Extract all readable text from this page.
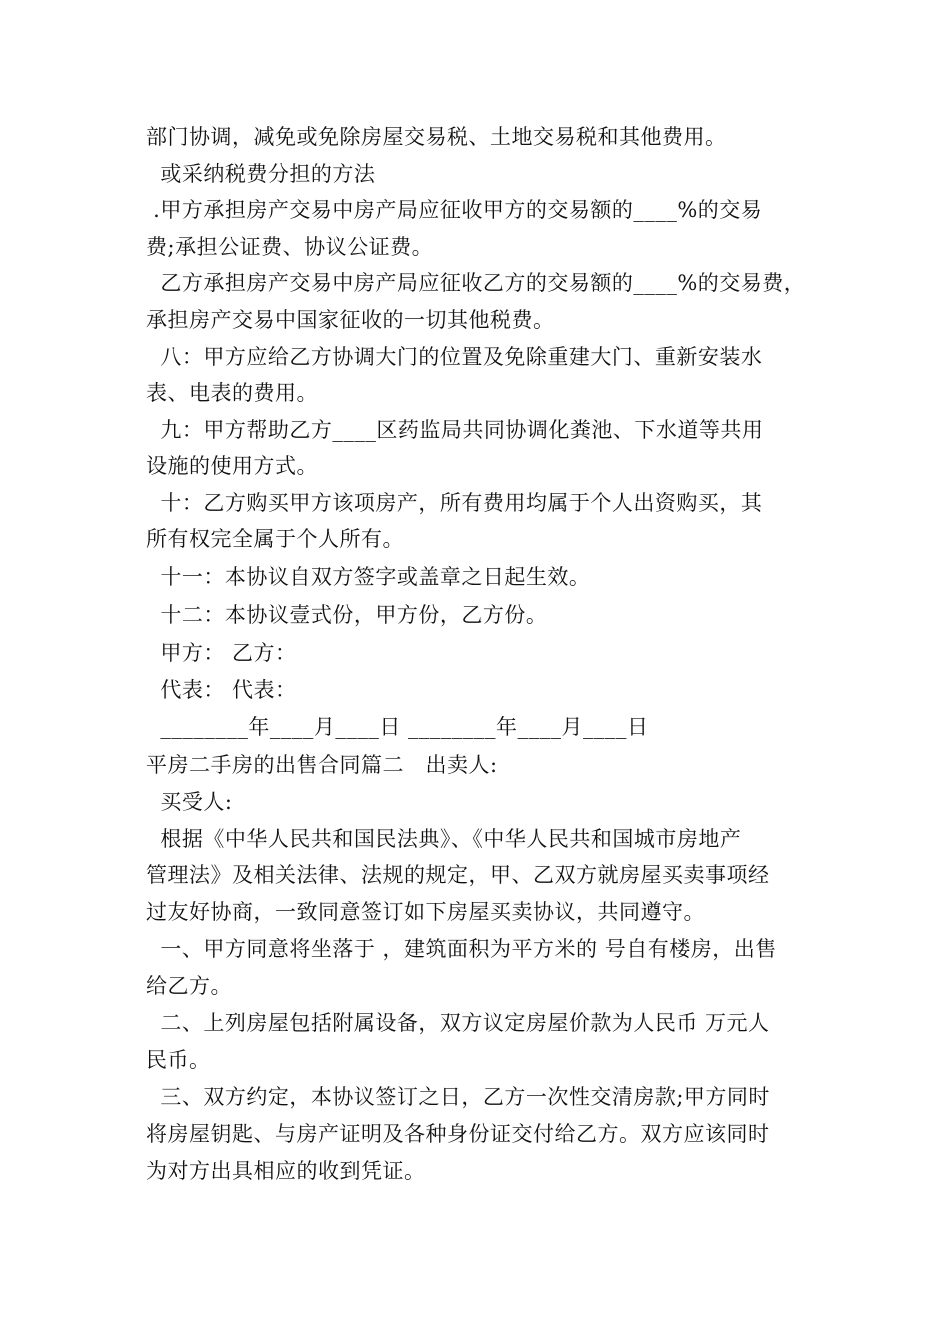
部门协调，减免或免除房屋交易税、土地交易税和其他费用。
或采纳税费分担的方法
.甲方承担房产交易中房产局应征收甲方的交易额的____%的交易
费;承担公证费、协议公证费。
乙方承担房产交易中房产局应征收乙方的交易额的____%的交易费，
承担房产交易中国家征收的一切其他税费。
八：甲方应给乙方协调大门的位置及免除重建大门、重新安装水
表、电表的费用。
九：甲方帮助乙方____区药监局共同协调化粪池、下水道等共用
设施的使用方式。
十：乙方购买甲方该项房产，所有费用均属于个人出资购买，其
所有权完全属于个人所有。
十一：本协议自双方签字或盖章之日起生效。
十二：本协议壹式份，甲方份，乙方份。
甲方： 乙方：
代表： 代表：
________年____月____日 ________年____月____日
平房二手房的出售合同篇二　出卖人:
买受人:
根据《中华人民共和国民法典》、《中华人民共和国城市房地产
管理法》及相关法律、法规的规定，甲、乙双方就房屋买卖事项经
过友好协商，一致同意签订如下房屋买卖协议，共同遵守。
一、甲方同意将坐落于 ，建筑面积为平方米的 号自有楼房，出售
给乙方。
二、上列房屋包括附属设备，双方议定房屋价款为人民币 万元人
民币。
三、双方约定，本协议签订之日，乙方一次性交清房款;甲方同时
将房屋钥匙、与房产证明及各种身份证交付给乙方。双方应该同时
为对方出具相应的收到凭证。
